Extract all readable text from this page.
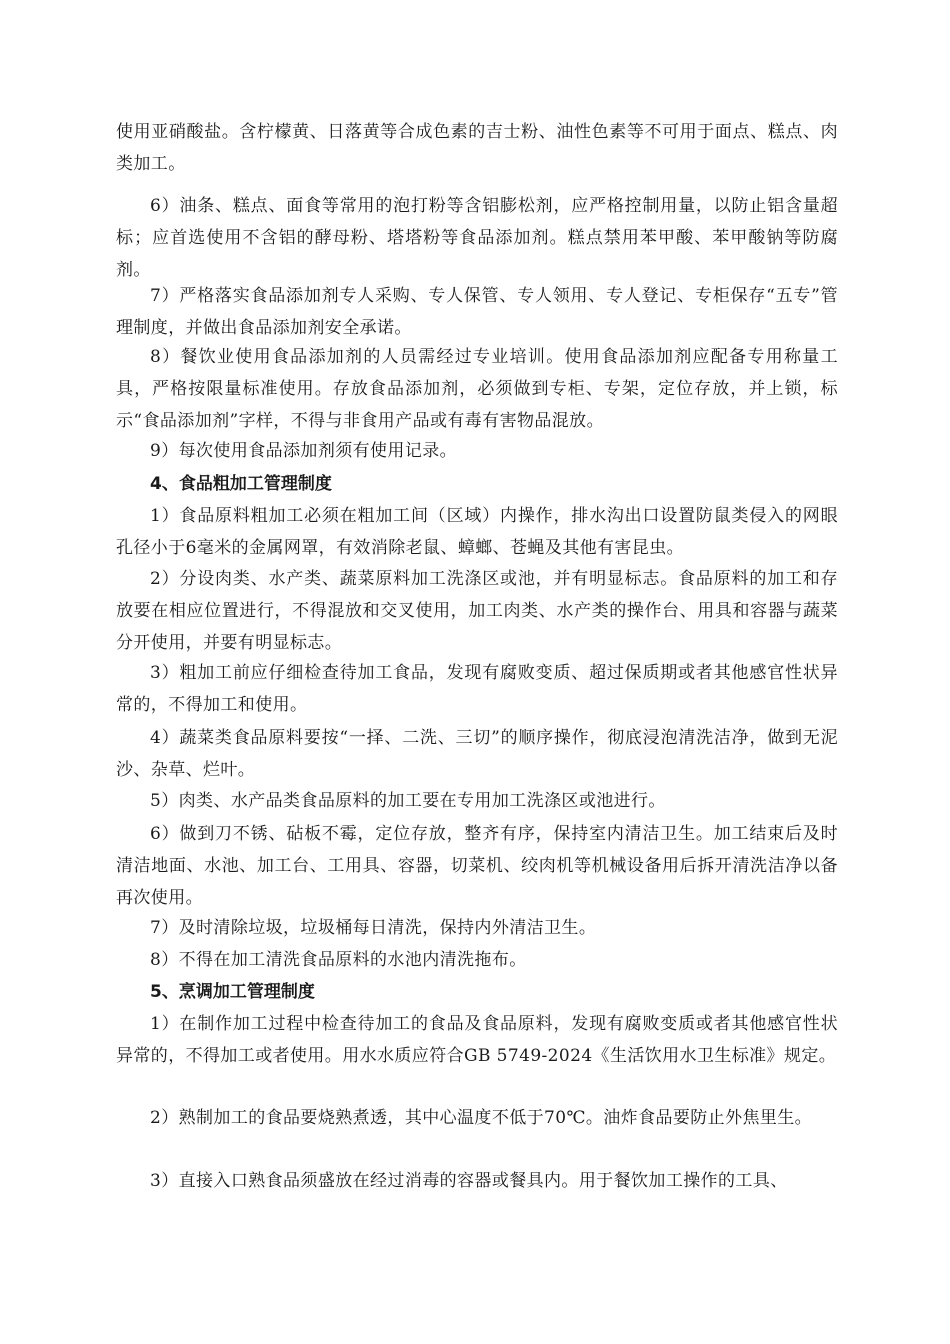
使用亚硝酸盐。含柠檬黄、日落黄等合成色素的吉士粉、油性色素等不可用于面点、糕点、肉类加工。

6）油条、糕点、面食等常用的泡打粉等含铝膨松剂，应严格控制用量，以防止铝含量超标；应首选使用不含铝的酵母粉、塔塔粉等食品添加剂。糕点禁用苯甲酸、苯甲酸钠等防腐剂。

7）严格落实食品添加剂专人采购、专人保管、专人领用、专人登记、专柜保存“五专”管理制度，并做出食品添加剂安全承诺。

8）餐饮业使用食品添加剂的人员需经过专业培训。使用食品添加剂应配备专用称量工具，严格按限量标准使用。存放食品添加剂，必须做到专柜、专架，定位存放，并上锁，标示“食品添加剂”字样，不得与非食用产品或有毒有害物品混放。

9）每次使用食品添加剂须有使用记录。

4、食品粗加工管理制度

1）食品原料粗加工必须在粗加工间（区域）内操作，排水沟出口设置防鼠类侵入的网眼孔径小于6毫米的金属网罩，有效消除老鼠、蟑螂、苍蝇及其他有害昆虫。

2）分设肉类、水产类、蔬菜原料加工洗涤区或池，并有明显标志。食品原料的加工和存放要在相应位置进行，不得混放和交叉使用，加工肉类、水产类的操作台、用具和容器与蔬菜分开使用，并要有明显标志。

3）粗加工前应仔细检查待加工食品，发现有腐败变质、超过保质期或者其他感官性状异常的，不得加工和使用。

4）蔬菜类食品原料要按“一择、二洗、三切”的顺序操作，彻底浸泡清洗洁净，做到无泥沙、杂草、烂叶。

5）肉类、水产品类食品原料的加工要在专用加工洗涤区或池进行。

6）做到刀不锈、砧板不霉，定位存放，整齐有序，保持室内清洁卫生。加工结束后及时清洁地面、水池、加工台、工用具、容器，切菜机、绞肉机等机械设备用后拆开清洗洁净以备再次使用。

7）及时清除垃圾，垃圾桶每日清洗，保持内外清洁卫生。

8）不得在加工清洗食品原料的水池内清洗拖布。

5、烹调加工管理制度

1）在制作加工过程中检查待加工的食品及食品原料，发现有腐败变质或者其他感官性状异常的，不得加工或者使用。用水水质应符合GB 5749-2024《生活饮用水卫生标准》规定。

2）熟制加工的食品要烧熟煮透，其中心温度不低于70℃。油炸食品要防止外焦里生。

3）直接入口熟食品须盛放在经过消毒的容器或餐具内。用于餐饮加工操作的工具、
